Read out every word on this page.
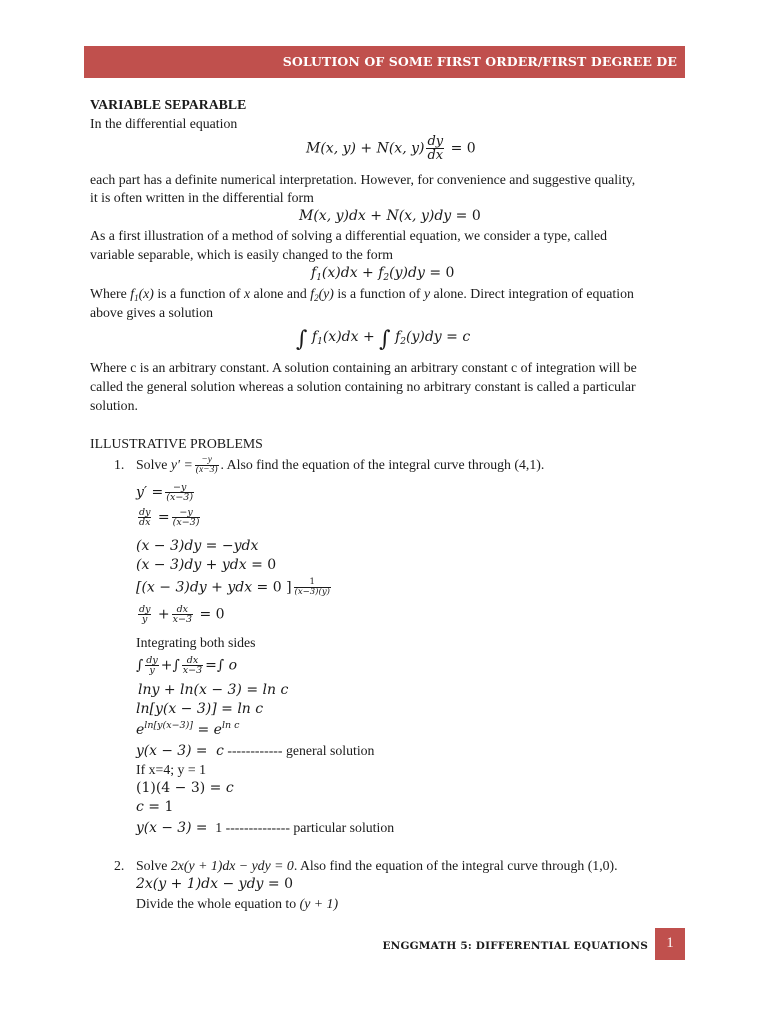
SOLUTION OF SOME FIRST ORDER/FIRST DEGREE DE
VARIABLE SEPARABLE
In the differential equation
M(x, y) + N(x, $y) \frac{dy}{dx} = 0$
each part has a definite numerical interpretation. However, for convenience and suggestive quality,
it is often written in the differential form
M(x, y)dx + N(x, y)dy = 0
As a first illustration of a method of solving a differential equation, we consider a type, called
variable separable, which is easily changed to the form
$f_1(x)dx + f_2(y)dy = 0$
Where $f_1(x)$ is a function of x alone and $f_2(y)$ is a function of y alone. Direct integration of equation
above gives a solution
∫ $f_1(x)dx$ + ∫ $f_2(y)dy = c$
Where c is an arbitrary constant. A solution containing an arbitrary constant c of integration will be
called the general solution whereas a solution containing no arbitrary constant is called a particular
solution.
ILLUSTRATIVE PROBLEMS
1. Solve $y' = \frac{-y}{(x-3)}$ . Also find the equation of the integral curve through (4,1).
$y' = \frac{-y}{(x-3)}$
$\frac{dy}{dx} = \frac{-y}{(x-3)}$
(x − 3)dy = −ydx
(x − 3)dy + ydx = 0
[(x − 3)dy + ydx = 0 ] $\frac{1}{(x-3)(y)}$
$\frac{dy}{y} + \frac{dx}{x-3} = 0$
Integrating both sides
∫ $\frac{dy}{y}$ +∫ $\frac{dx}{x-3}$ =∫ o
lny + ln(x − 3) = ln c
ln[y(x − 3)] = ln c
$e^{ln[y(x-3)]} = e^{ln c}$
y(x − 3) =  c ------------ general solution
If x=4; y = 1
(1)(4 − 3) = c
c = 1
y(x − 3) =  1 -------------- particular solution
2. Solve 2x(y + 1)dx − ydy = 0. Also find the equation of the integral curve through (1,0).
2x(y + 1)dx − ydy = 0
Divide the whole equation to (y + 1)
ENGGMATH 5: DIFFERENTIAL EQUATIONS	1
